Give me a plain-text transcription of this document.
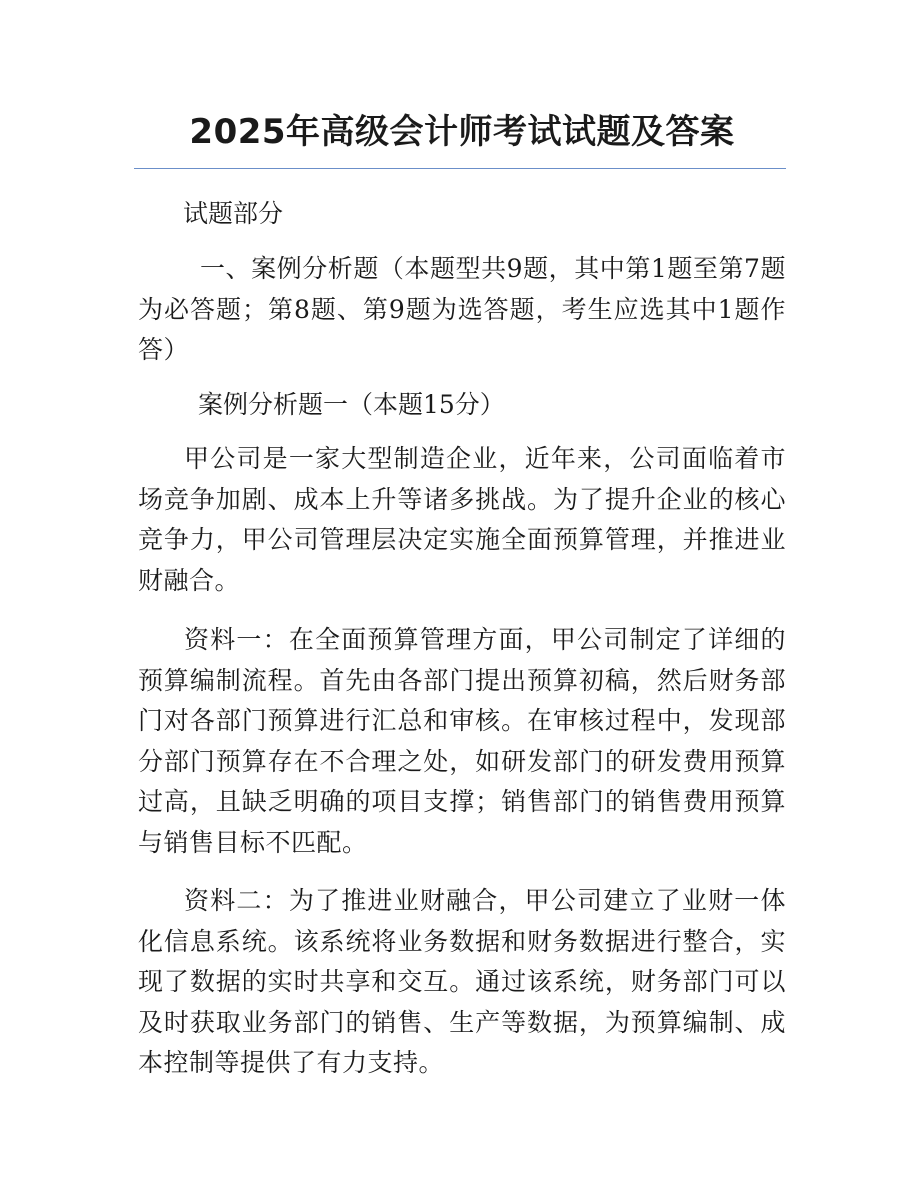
2025年高级会计师考试试题及答案
试题部分
一、案例分析题（本题型共9题，其中第1题至第7题为必答题；第8题、第9题为选答题，考生应选其中1题作答）
案例分析题一（本题15分）
甲公司是一家大型制造企业，近年来，公司面临着市场竞争加剧、成本上升等诸多挑战。为了提升企业的核心竞争力，甲公司管理层决定实施全面预算管理，并推进业财融合。
资料一：在全面预算管理方面，甲公司制定了详细的预算编制流程。首先由各部门提出预算初稿，然后财务部门对各部门预算进行汇总和审核。在审核过程中，发现部分部门预算存在不合理之处，如研发部门的研发费用预算过高，且缺乏明确的项目支撑；销售部门的销售费用预算与销售目标不匹配。
资料二：为了推进业财融合，甲公司建立了业财一体化信息系统。该系统将业务数据和财务数据进行整合，实现了数据的实时共享和交互。通过该系统，财务部门可以及时获取业务部门的销售、生产等数据，为预算编制、成本控制等提供了有力支持。
